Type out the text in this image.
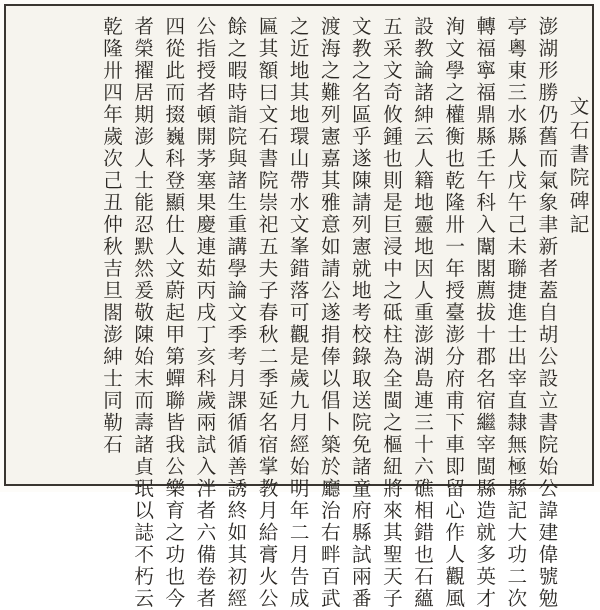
文石書院碑記
澎湖形勝仍舊而氣象聿新者蓋自胡公設立書院始公諱建偉號勉
亭粵東三水縣人戊午己未聯捷進士出宰直隸無極縣記大功二次
轉福寧福鼎縣壬午科入闈閣薦拔十郡名宿繼宰閩縣造就多英才
洵文學之權衡也乾隆卅一年授臺澎分府甫下車即留心作人觀風
設教論諸紳云人籍地靈地因人重澎湖島連三十六礁相錯也石蘊
五采文奇攸鍾也則是巨浸中之砥柱為全閩之樞紐將來其聖天子
文教之名區乎遂陳請列憲就地考校錄取送院免諸童府縣試兩番
渡海之難列憲嘉其雅意如請公遂捐俸以倡卜築於廳治右畔百武
之近地其地環山帶水文峯錯落可觀是歲九月經始明年二月告成
匾其額曰文石書院崇祀五夫子春秋二季延名宿掌教月給膏火公
餘之暇時詣院與諸生重講學論文季考月課循循善誘終如其初經
公指授者頓開茅塞果慶連茹丙戌丁亥科歲兩試入泮者六備卷者
四從此而掇巍科登顯仕人文蔚起甲第蟬聯皆我公樂育之功也今
者榮擢居期澎人士能忍默然爰敬陳始末而壽諸貞珉以誌不朽云
乾隆卅四年歲次己丑仲秋吉旦閤澎紳士同勒石
